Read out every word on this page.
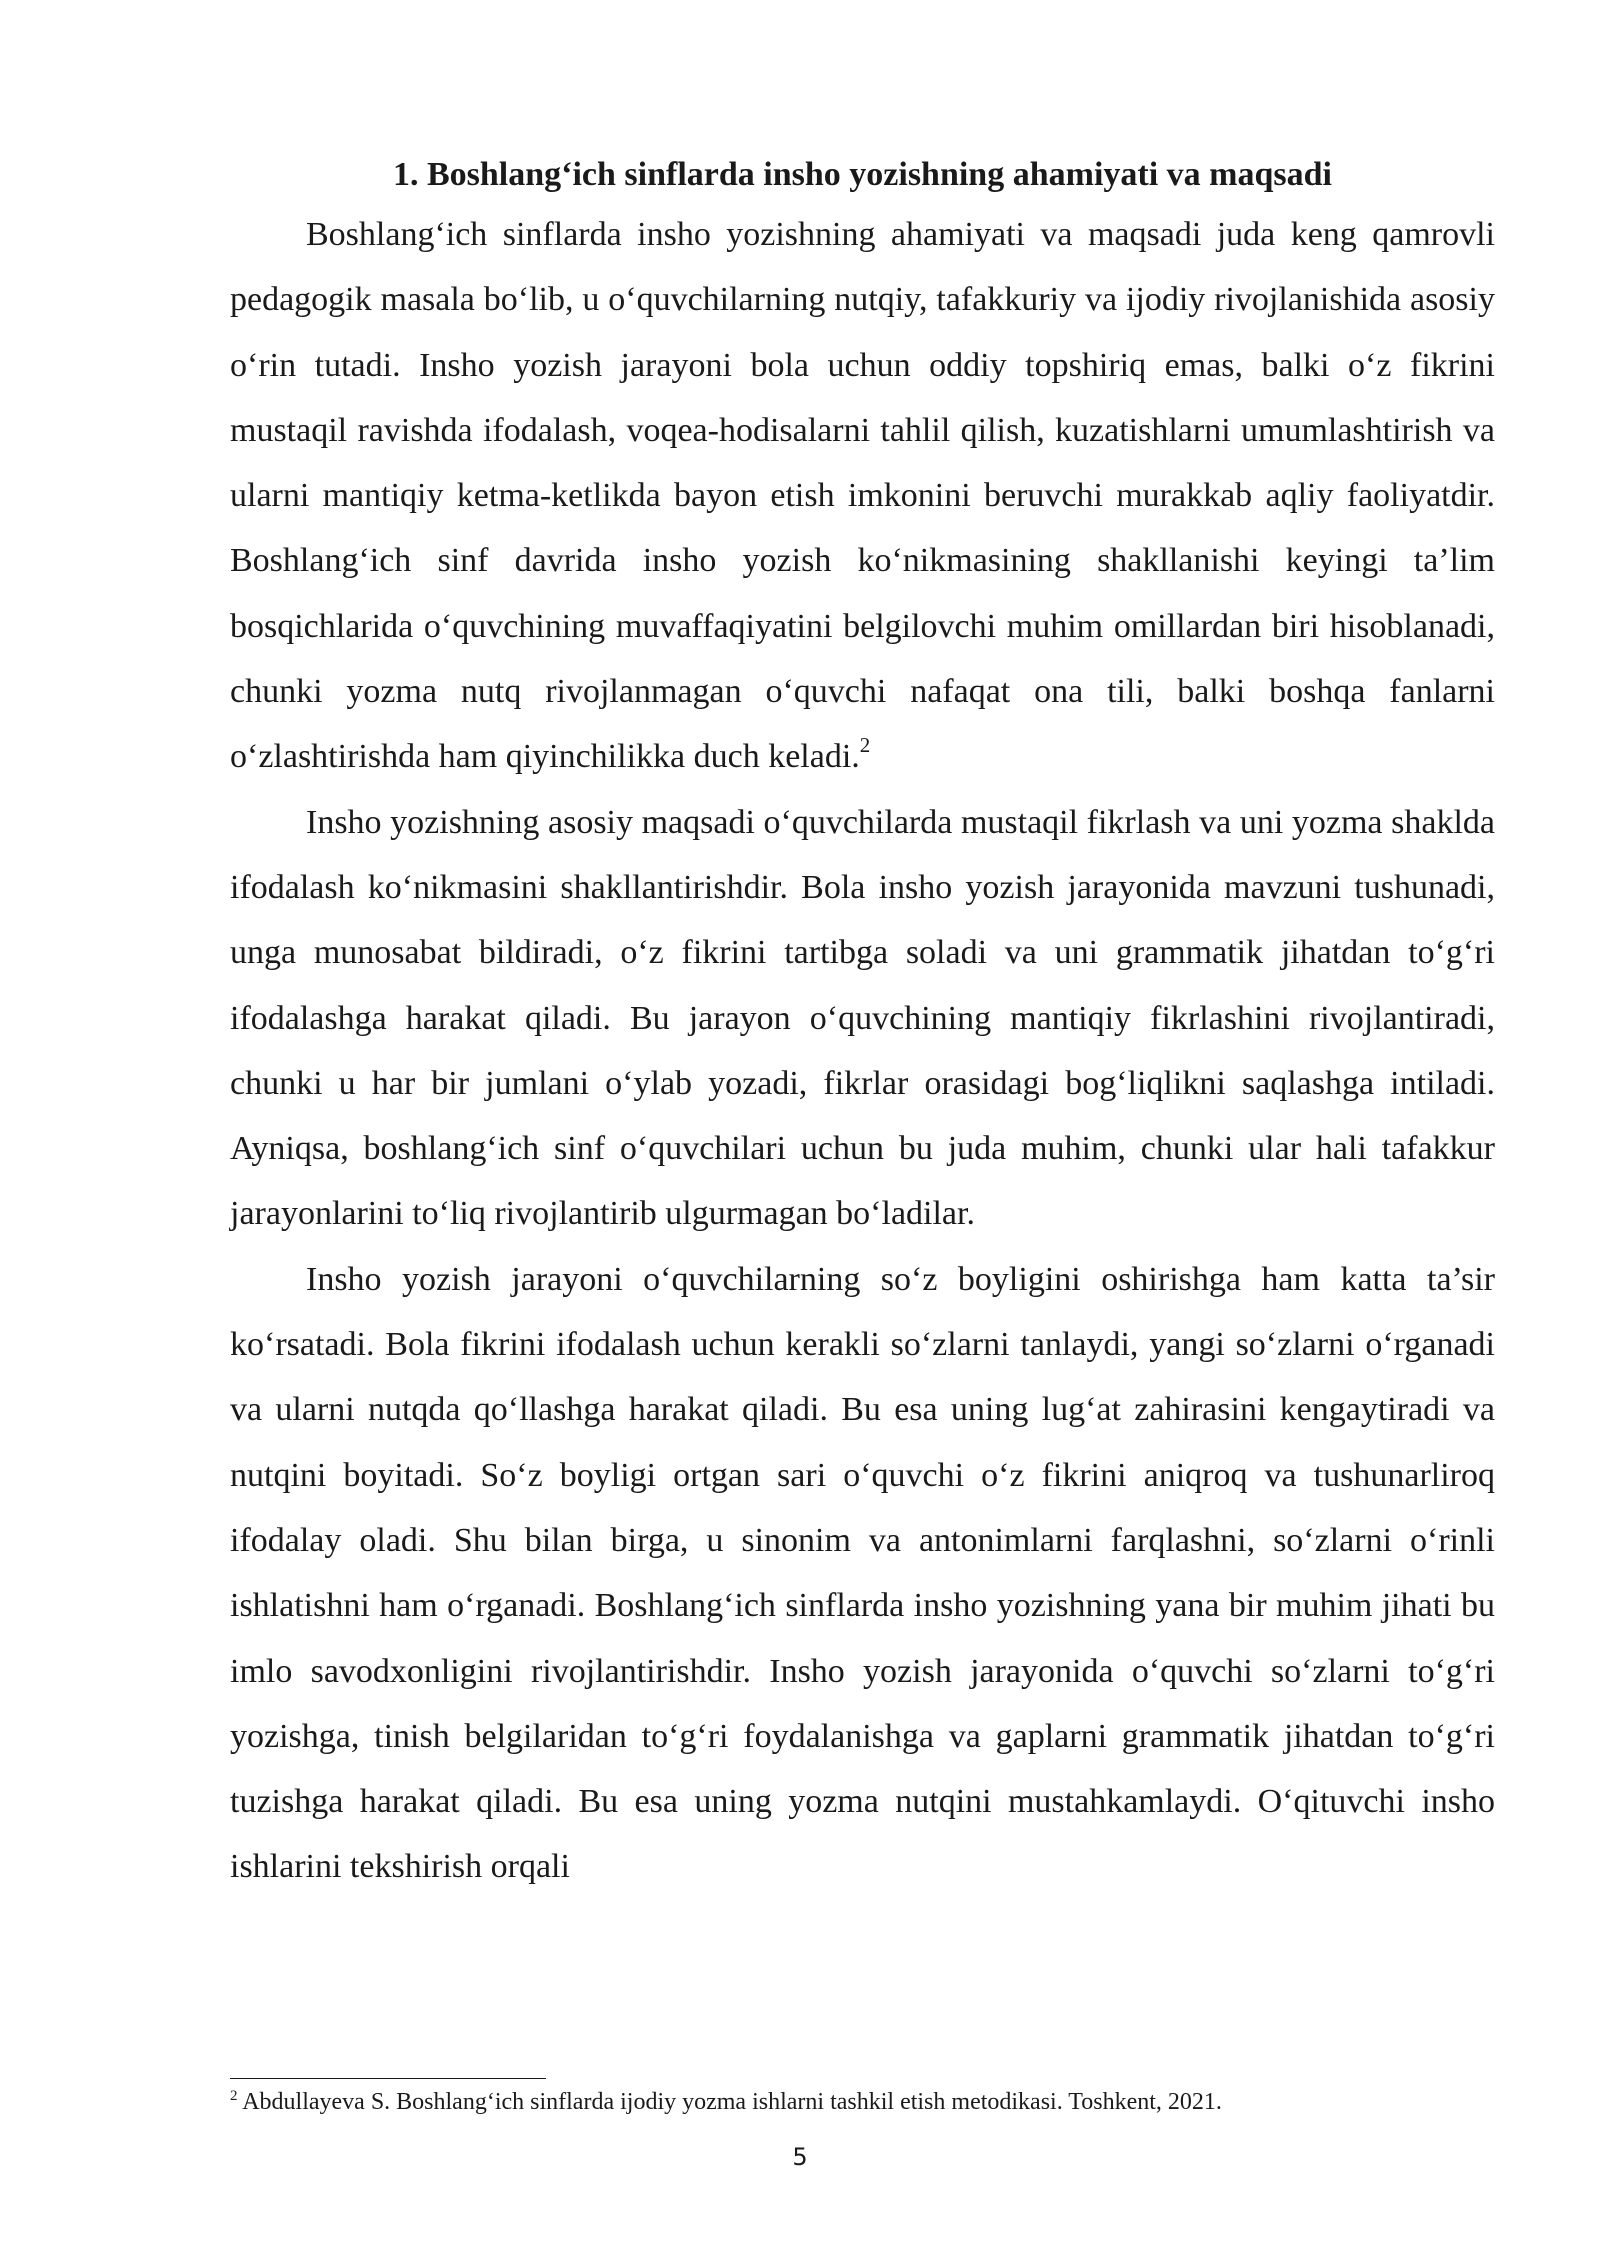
1. Boshlang‘ich sinflarda insho yozishning ahamiyati va maqsadi

Boshlang‘ich sinflarda insho yozishning ahamiyati va maqsadi juda keng qamrovli pedagogik masala bo‘lib, u o‘quvchilarning nutqiy, tafakkuriy va ijodiy rivojlanishida asosiy o‘rin tutadi. Insho yozish jarayoni bola uchun oddiy topshiriq emas, balki o‘z fikrini mustaqil ravishda ifodalash, voqea-hodisalarni tahlil qilish, kuzatishlarni umumlashtirish va ularni mantiqiy ketma-ketlikda bayon etish imkonini beruvchi murakkab aqliy faoliyatdir. Boshlang‘ich sinf davrida insho yozish ko‘nikmasining shakllanishi keyingi ta’lim bosqichlarida o‘quvchining muvaffaqiyatini belgilovchi muhim omillardan biri hisoblanadi, chunki yozma nutq rivojlanmagan o‘quvchi nafaqat ona tili, balki boshqa fanlarni o‘zlashtirishda ham qiyinchilikka duch keladi.$^2$

Insho yozishning asosiy maqsadi o‘quvchilarda mustaqil fikrlash va uni yozma shaklda ifodalash ko‘nikmasini shakllantirishdir. Bola insho yozish jarayonida mavzuni tushunadi, unga munosabat bildiradi, o‘z fikrini tartibga soladi va uni grammatik jihatdan to‘g‘ri ifodalashga harakat qiladi. Bu jarayon o‘quvchining mantiqiy fikrlashini rivojlantiradi, chunki u har bir jumlani o‘ylab yozadi, fikrlar orasidagi bog‘liqlikni saqlashga intiladi. Ayniqsa, boshlang‘ich sinf o‘quvchilari uchun bu juda muhim, chunki ular hali tafakkur jarayonlarini to‘liq rivojlantirib ulgurmagan bo‘ladilar.

Insho yozish jarayoni o‘quvchilarning so‘z boyligini oshirishga ham katta ta’sir ko‘rsatadi. Bola fikrini ifodalash uchun kerakli so‘zlarni tanlaydi, yangi so‘zlarni o‘rganadi va ularni nutqda qo‘llashga harakat qiladi. Bu esa uning lug‘at zahirasini kengaytiradi va nutqini boyitadi. So‘z boyligi ortgan sari o‘quvchi o‘z fikrini aniqroq va tushunarliroq ifodalay oladi. Shu bilan birga, u sinonim va antonimlarni farqlashni, so‘zlarni o‘rinli ishlatishni ham o‘rganadi. Boshlang‘ich sinflarda insho yozishning yana bir muhim jihati bu imlo savodxonligini rivojlantirishdir. Insho yozish jarayonida o‘quvchi so‘zlarni to‘g‘ri yozishga, tinish belgilaridan to‘g‘ri foydalanishga va gaplarni grammatik jihatdan to‘g‘ri tuzishga harakat qiladi. Bu esa uning yozma nutqini mustahkamlaydi. O‘qituvchi insho ishlarini tekshirish orqali

$^2$ Abdullayeva S. Boshlang‘ich sinflarda ijodiy yozma ishlarni tashkil etish metodikasi. Toshkent, 2021.

5
